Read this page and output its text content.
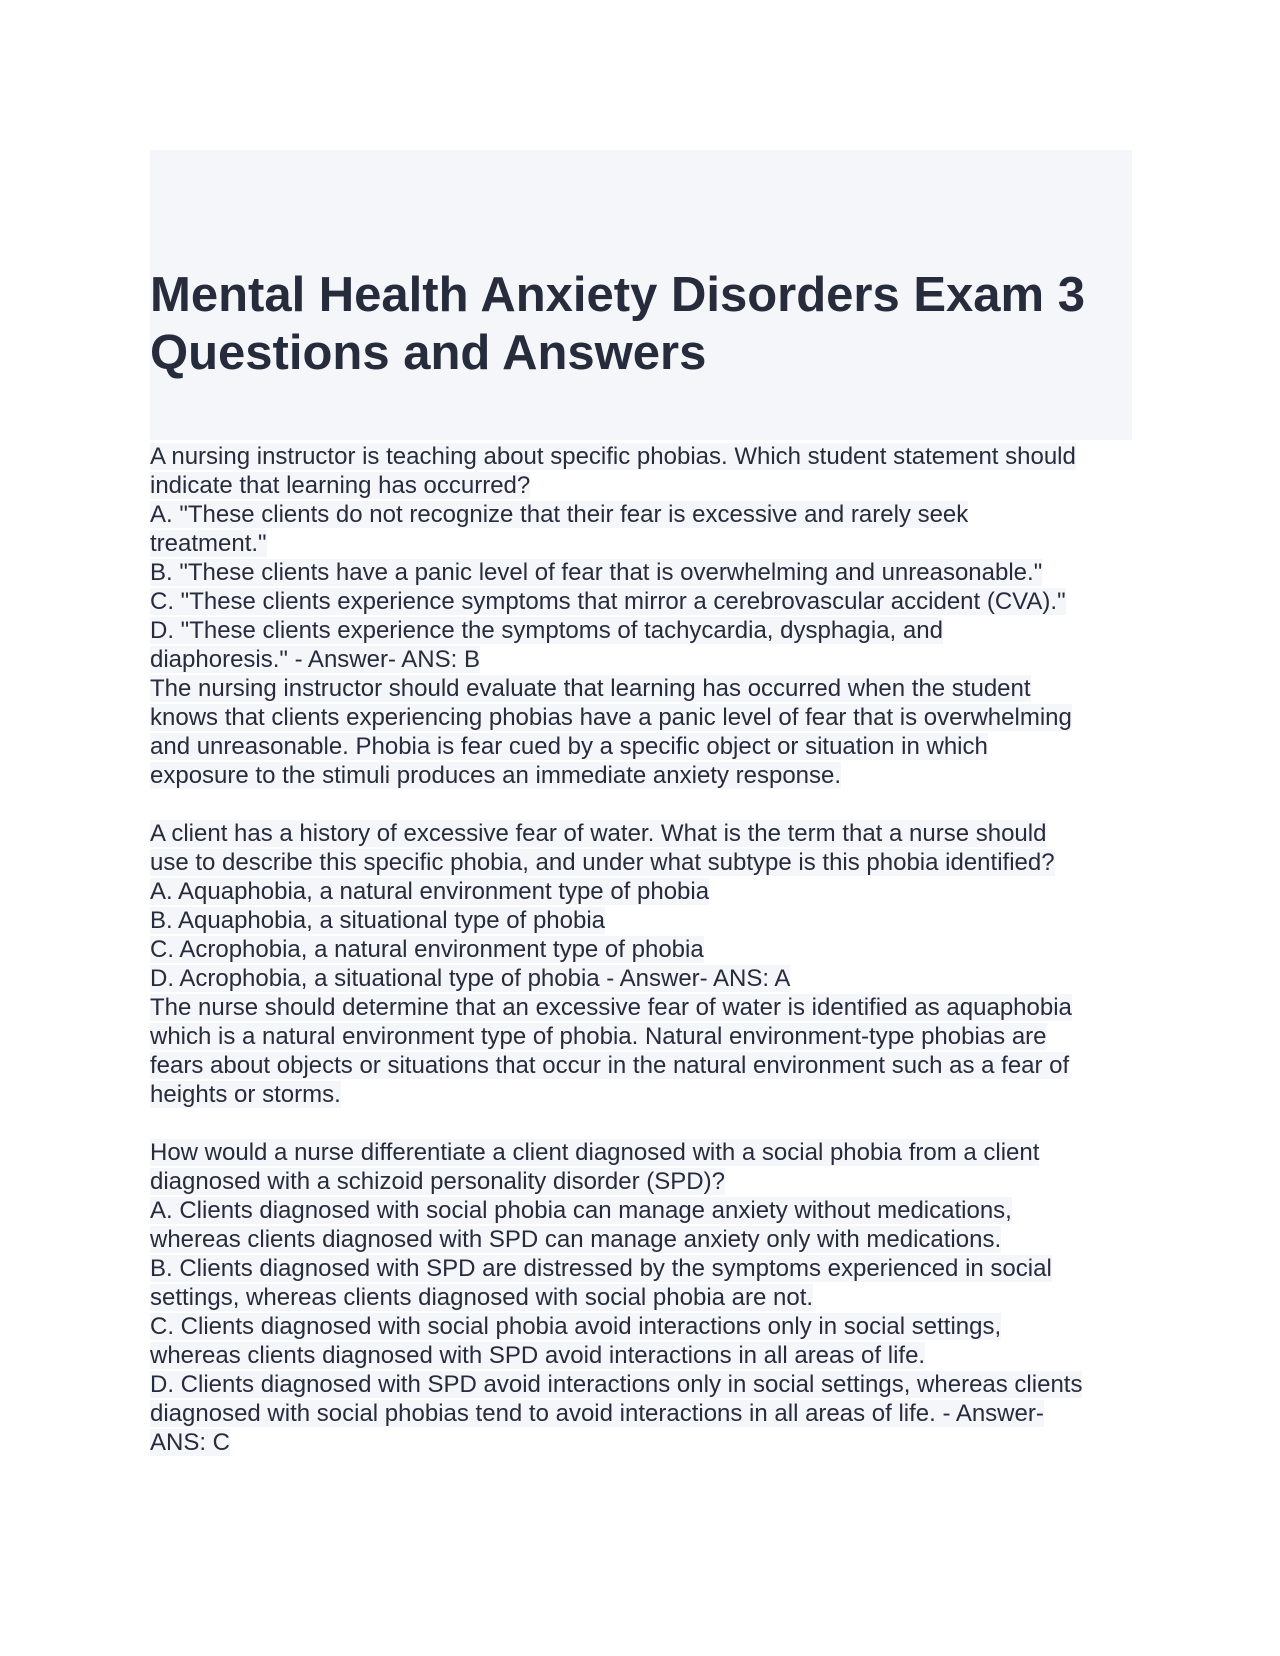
Mental Health Anxiety Disorders Exam 3
Questions and Answers
A nursing instructor is teaching about specific phobias. Which student statement should
indicate that learning has occurred?
A. "These clients do not recognize that their fear is excessive and rarely seek
treatment."
B. "These clients have a panic level of fear that is overwhelming and unreasonable."
C. "These clients experience symptoms that mirror a cerebrovascular accident (CVA)."
D. "These clients experience the symptoms of tachycardia, dysphagia, and
diaphoresis." - Answer- ANS: B
The nursing instructor should evaluate that learning has occurred when the student
knows that clients experiencing phobias have a panic level of fear that is overwhelming
and unreasonable. Phobia is fear cued by a specific object or situation in which
exposure to the stimuli produces an immediate anxiety response.
A client has a history of excessive fear of water. What is the term that a nurse should
use to describe this specific phobia, and under what subtype is this phobia identified?
A. Aquaphobia, a natural environment type of phobia
B. Aquaphobia, a situational type of phobia
C. Acrophobia, a natural environment type of phobia
D. Acrophobia, a situational type of phobia - Answer- ANS: A
The nurse should determine that an excessive fear of water is identified as aquaphobia
which is a natural environment type of phobia. Natural environment-type phobias are
fears about objects or situations that occur in the natural environment such as a fear of
heights or storms.
How would a nurse differentiate a client diagnosed with a social phobia from a client
diagnosed with a schizoid personality disorder (SPD)?
A. Clients diagnosed with social phobia can manage anxiety without medications,
whereas clients diagnosed with SPD can manage anxiety only with medications.
B. Clients diagnosed with SPD are distressed by the symptoms experienced in social
settings, whereas clients diagnosed with social phobia are not.
C. Clients diagnosed with social phobia avoid interactions only in social settings,
whereas clients diagnosed with SPD avoid interactions in all areas of life.
D. Clients diagnosed with SPD avoid interactions only in social settings, whereas clients
diagnosed with social phobias tend to avoid interactions in all areas of life. - Answer-
ANS: C
